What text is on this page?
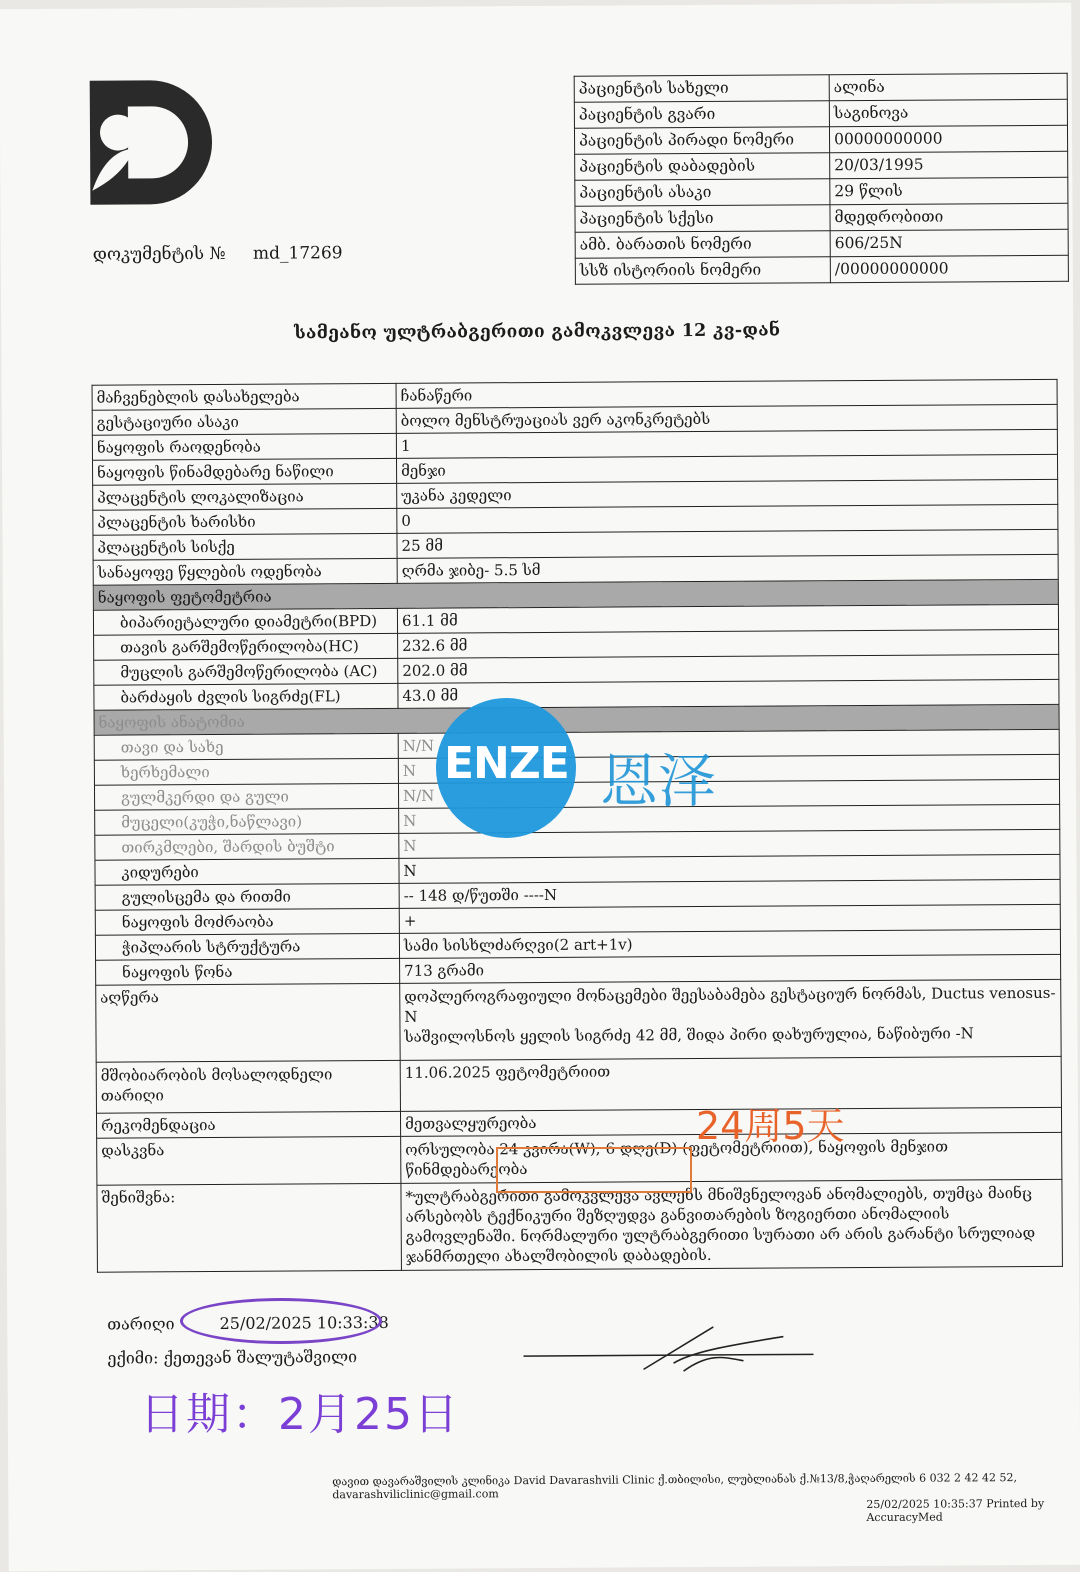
დოკუმენტის № md_17269
პაციენტის სახელი	ალინა
პაციენტის გვარი	საგინოვა
პაციენტის პირადი ნომერი	00000000000
პაციენტის დაბადების	20/03/1995
პაციენტის ასაკი	29 წლის
პაციენტის სქესი	მდედრობითი
ამბ. ბარათის ნომერი	606/25N
სსზ ისტორიის ნომერი	/00000000000
სამეანო ულტრაბგერითი გამოკვლევა 12 კვ-დან
მაჩვენებლის დასახელება	ჩანაწერი
გესტაციური ასაკი	ბოლო მენსტრუაციას ვერ აკონკრეტებს
ნაყოფის რაოდენობა	1
ნაყოფის წინამდებარე ნაწილი	მენჯი
პლაცენტის ლოკალიზაცია	უკანა კედელი
პლაცენტის ხარისხი	0
პლაცენტის სისქე	25 მმ
სანაყოფე წყლების ოდენობა	ღრმა ჯიბე- 5.5 სმ
ნაყოფის ფეტომეტრია	
ბიპარიეტალური დიამეტრი(BPD)	61.1 მმ
თავის გარშემოწერილობა(HC)	232.6 მმ
მუცლის გარშემოწერილობა (AC)	202.0 მმ
ბარძაყის ძვლის სიგრძე(FL)	43.0 მმ
ნაყოფის ანატომია	
თავი და სახე	N/N
ხერხემალი	N
გულმკერდი და გული	N/N
მუცელი(კუჭი,ნაწლავი)	N
თირკმლები, შარდის ბუშტი	N
კიდურები	N
გულისცემა და რითმი	-- 148 დ/წუთში ----N
ნაყოფის მოძრაობა	+
ჭიპლარის სტრუქტურა	სამი სისხლძარღვი(2 art+1v)
ნაყოფის წონა	713 გრამი
აღწერა	დოპლეროგრაფიული მონაცემები შეესაბამება გესტაციურ ნორმას, Ductus venosus-N
საშვილოსნოს ყელის სიგრძე 42 მმ, შიდა პირი დახურულია, ნაწიბური -N

მშობიარობის მოსალოდნელი თარიღი	11.06.2025 ფეტომეტრიით
რეკომენდაცია	მეთვალყურეობა
დასკვნა	ორსულობა 24 კვირა(W); 6 დღე(D) (ფეტომეტრიით), ნაყოფის მენჯით წინმდებარეობა
შენიშვნა:	*ულტრაბგერითი გამოკვლევა ავლენს მნიშვნელოვან ანომალიებს, თუმცა მაინც არსებობს ტექნიკური შეზღუდვა განვითარების ზოგიერთი ანომალიის გამოვლენაში. ნორმალური ულტრაბგერითი სურათი არ არის გარანტი სრულიად ჯანმრთელი ახალშობილის დაბადების.
თარიღი	25/02/2025 10:33:38
ექიმი: ქეთევან შალუტაშვილი
დავით დავარაშვილის კლინიკა David Davarashvili Clinic ქ.თბილისი, ლუბლიანას ქ.№13/8,ჭაღარელის 6 032 2 42 42 52, davarashviliclinic@gmail.com
25/02/2025 10:35:37 Printed by AccuracyMed
24周5天
日期：2月25日
ENZE 恩泽
